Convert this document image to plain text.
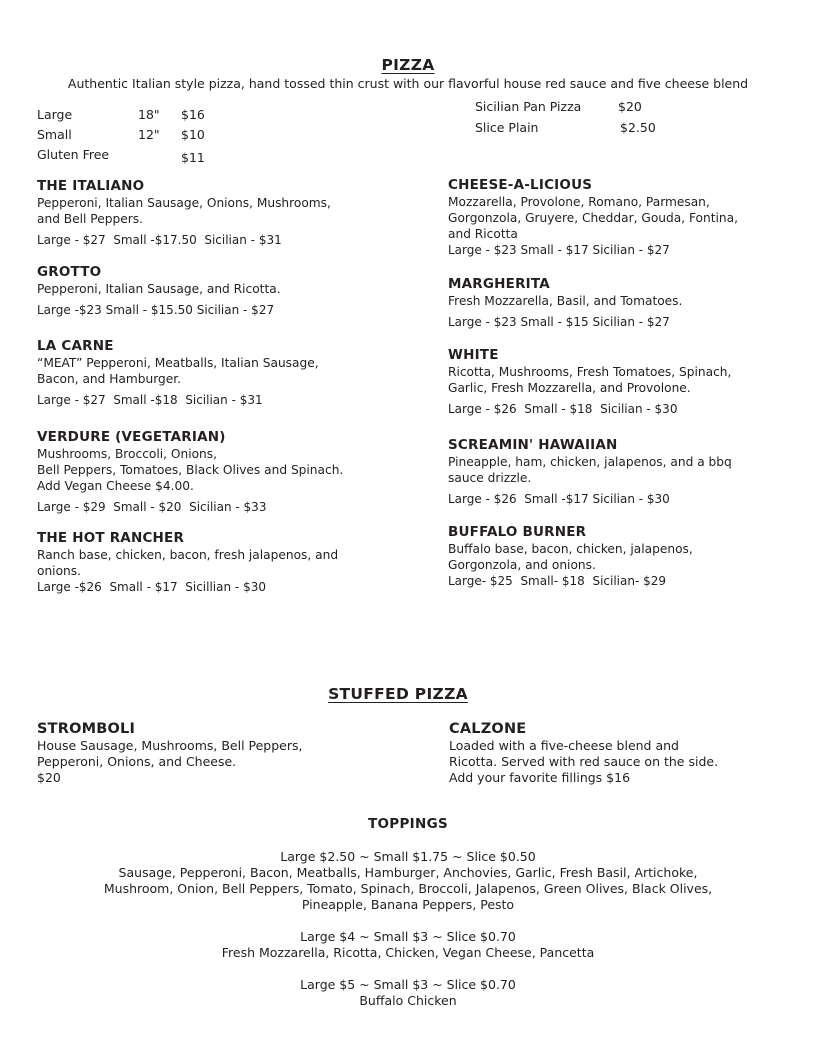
PIZZA
Authentic Italian style pizza, hand tossed thin crust with our flavorful house red sauce and five cheese blend
Large	18" $16
Small	12" $10
Gluten Free	$11
Sicilian Pan Pizza	$20
Slice Plain	$2.50
THE ITALIANO
Pepperoni, Italian Sausage, Onions, Mushrooms, and Bell Peppers.
Large - $27  Small -$17.50  Sicilian - $31
GROTTO
Pepperoni, Italian Sausage, and Ricotta.
Large -$23 Small - $15.50 Sicilian - $27
LA CARNE
“MEAT” Pepperoni, Meatballs, Italian Sausage, Bacon, and Hamburger.
Large - $27  Small -$18  Sicilian - $31
VERDURE (VEGETARIAN)
Mushrooms, Broccoli, Onions,
Bell Peppers, Tomatoes, Black Olives and Spinach.
Add Vegan Cheese $4.00.
Large - $29  Small - $20  Sicilian - $33
THE HOT RANCHER
Ranch base, chicken, bacon, fresh jalapenos, and onions.
Large -$26  Small - $17  Sicillian - $30
CHEESE-A-LICIOUS
Mozzarella, Provolone, Romano, Parmesan, Gorgonzola, Gruyere, Cheddar, Gouda, Fontina, and Ricotta
Large - $23 Small - $17 Sicilian - $27
MARGHERITA
Fresh Mozzarella, Basil, and Tomatoes.
Large - $23 Small - $15 Sicilian - $27
WHITE
Ricotta, Mushrooms, Fresh Tomatoes, Spinach, Garlic, Fresh Mozzarella, and Provolone.
Large - $26  Small - $18  Sicilian - $30
SCREAMIN' HAWAIIAN
Pineapple, ham, chicken, jalapenos, and a bbq sauce drizzle.
Large - $26  Small -$17 Sicilian - $30
BUFFALO BURNER
Buffalo base, bacon, chicken, jalapenos, Gorgonzola, and onions.
Large- $25  Small- $18  Sicilian- $29
STUFFED PIZZA
STROMBOLI
House Sausage, Mushrooms, Bell Peppers,
Pepperoni, Onions, and Cheese.
$20
CALZONE
Loaded with a five-cheese blend and
Ricotta. Served with red sauce on the side.
Add your favorite fillings $16
TOPPINGS
Large $2.50 ~ Small $1.75 ~ Slice $0.50
Sausage, Pepperoni, Bacon, Meatballs, Hamburger, Anchovies, Garlic, Fresh Basil, Artichoke,
Mushroom, Onion, Bell Peppers, Tomato, Spinach, Broccoli, Jalapenos, Green Olives, Black Olives,
Pineapple, Banana Peppers, Pesto
Large $4 ~ Small $3 ~ Slice $0.70
Fresh Mozzarella, Ricotta, Chicken, Vegan Cheese, Pancetta
Large $5 ~ Small $3 ~ Slice $0.70
Buffalo Chicken
